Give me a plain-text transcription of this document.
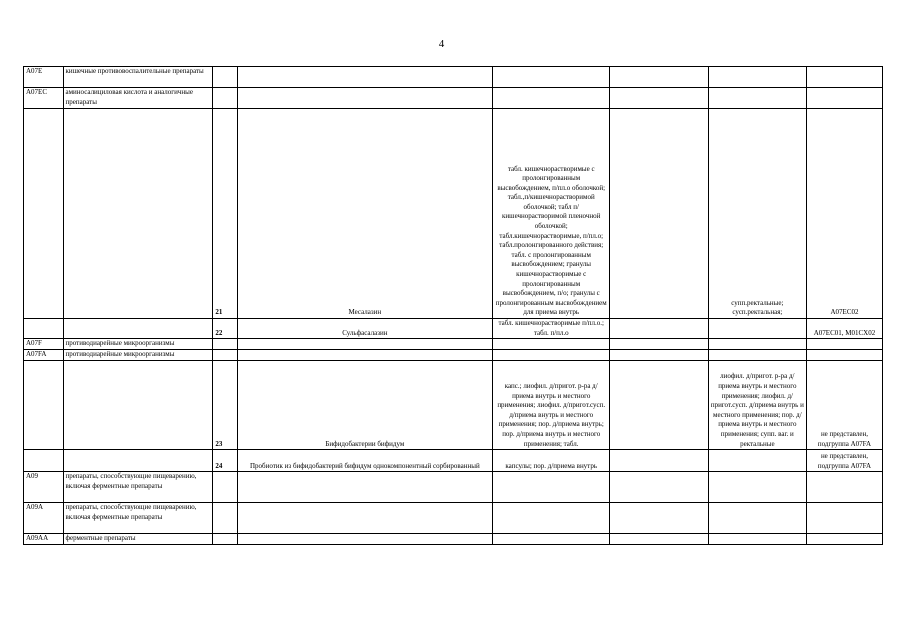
4
A07E	кишечные противовоспалительные препараты						
A07EC	аминосалициловая кислота и аналогичные препараты						
		21	Месалазин	табл. кишечнорастворимые с пролонгированным высвобождением, п/пл.о оболочкой; табл.,п/кишечнорастворимой оболочкой; табл п/кишечнорастворимой пленочной оболочкой; табл.кишечнорастворимые, п/пл.о; табл.пролонгированного действия; табл. с пролонгированным высвобождением; гранулы кишечнорастворимые с пролонгированным высвобождением, п/о; гранулы с пролонгированным высвобождением для приема внутрь		супп.ректальные; сусп.ректальная;	A07EC02
		22	Сульфасалазин	табл. кишечнорастворимые п/пл.о.; табл. п/пл.о			A07EC01, M01CX02
A07F	противодиарейные микроорганизмы						
A07FA	противодиарейные микроорганизмы						
		23	Бифидобактерии бифидум	капс.; лиофил. д/пригот. р-ра д/приема внутрь и местного применения; лиофил. д/пригот.сусп. д/приема внутрь и местного применения; пор. д/приема внутрь; пор. д/приема внутрь и местного применения; табл.		лиофил. д/пригот. р-ра д/приема внутрь и местного применения; лиофил. д/пригот.сусп. д/приема внутрь и местного применения; пор. д/приема внутрь и местного применения; супп. ваг. и ректальные	не представлен, подгруппа A07FA
		24	Пробиотик из бифидобактерий бифидум однокомпонентный сорбированный	капсулы; пор. д/приема внутрь			не представлен, подгруппа A07FA
A09	препараты, способствующие пищеварению, включая ферментные препараты						
A09A	препараты, способствующие пищеварению, включая ферментные препараты						
A09AA	ферментные препараты						
